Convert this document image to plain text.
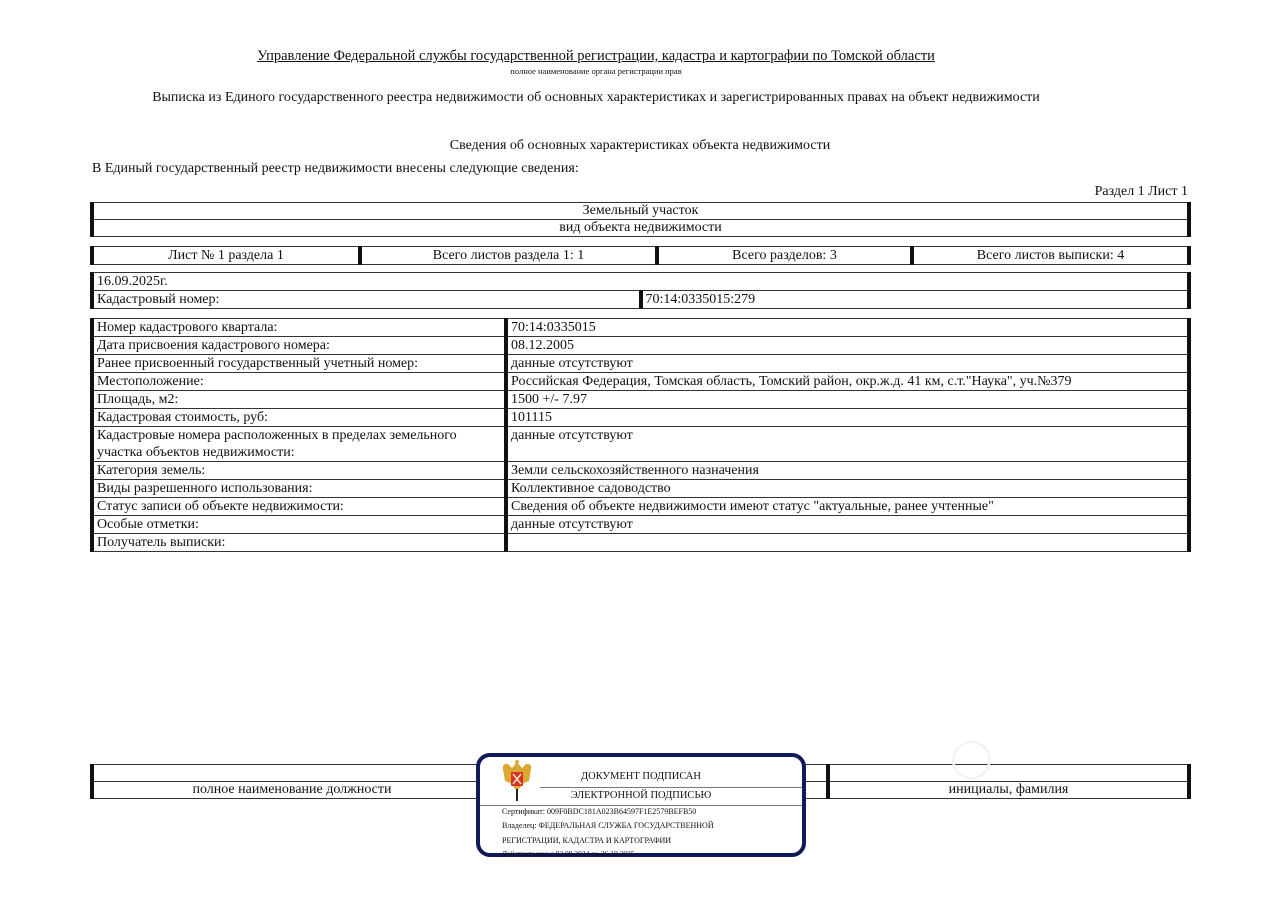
Управление Федеральной службы государственной регистрации, кадастра и картографии по Томской области
полное наименование органа регистрации прав
Выписка из Единого государственного реестра недвижимости об основных характеристиках и зарегистрированных правах на объект недвижимости
Сведения об основных характеристиках объекта недвижимости
В Единый государственный реестр недвижимости внесены следующие сведения:
Раздел 1 Лист 1
Земельный участок
вид объекта недвижимости
Лист № 1 раздела 1	Всего листов раздела 1: 1	Всего разделов: 3	Всего листов выписки: 4
16.09.2025г.
Кадастровый номер:	70:14:0335015:279
Номер кадастрового квартала:	70:14:0335015
Дата присвоения кадастрового номера:	08.12.2005
Ранее присвоенный государственный учетный номер:	данные отсутствуют
Местоположение:	Российская Федерация, Томская область, Томский район, окр.ж.д. 41 км, с.т."Наука", уч.№379
Площадь, м2:	1500 +/- 7.97
Кадастровая стоимость, руб:	101115
Кадастровые номера расположенных в пределах земельного участка объектов недвижимости:	данные отсутствуют
Категория земель:	Земли сельскохозяйственного назначения
Виды разрешенного использования:	Коллективное садоводство
Статус записи об объекте недвижимости:	Сведения об объекте недвижимости имеют статус "актуальные, ранее учтенные"
Особые отметки:	данные отсутствуют
Получатель выписки:	

полное наименование должности		инициалы, фамилия
◯
ДОКУМЕНТ ПОДПИСАН
ЭЛЕКТРОННОЙ ПОДПИСЬЮ
Сертификат: 009F0BDC181A023B64597F1E2579BEFB50
Владелец: ФЕДЕРАЛЬНАЯ СЛУЖБА ГОСУДАРСТВЕННОЙ
РЕГИСТРАЦИИ, КАДАСТРА И КАРТОГРАФИИ
Действителен: с 02.08.2024 по 26.10.2025
